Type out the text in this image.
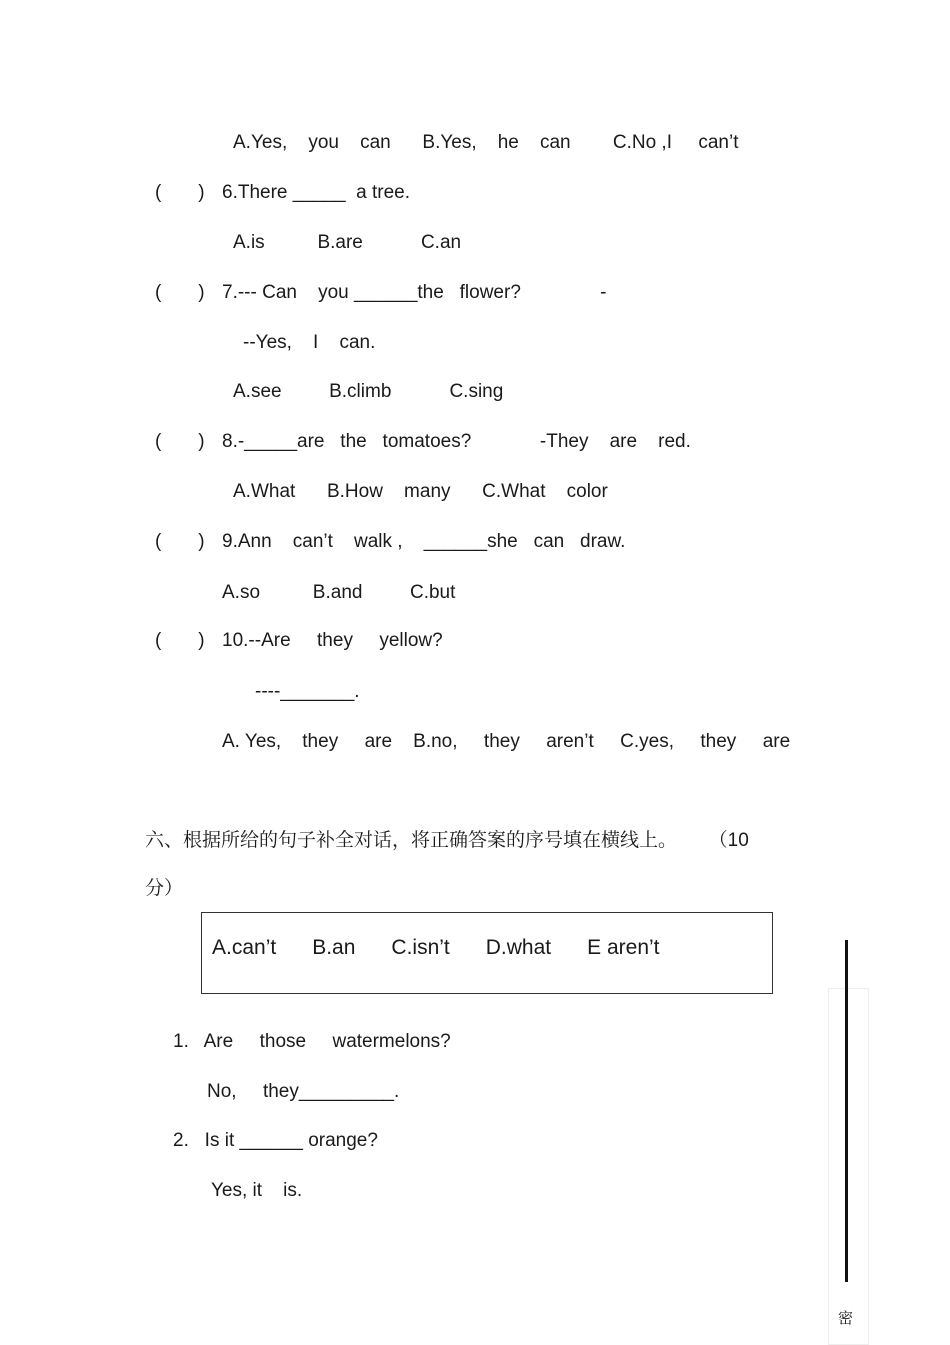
A.Yes,    you    can      B.Yes,    he    can        C.No ,I     can’t
(       ) 6.There _____  a tree.
A.is          B.are           C.an
(       ) 7.--- Can    you ______the   flower?               -
--Yes,    I    can.
A.see         B.climb           C.sing
(       ) 8.-_____are   the   tomatoes?             -They    are    red.
A.What      B.How    many      C.What    color
(       ) 9.Ann    can’t    walk ,    ______she   can   draw.
A.so          B.and         C.but
(       ) 10.--Are     they     yellow?
----_______.
A. Yes,    they     are    B.no,     they     aren’t     C.yes,     they     are
六、根据所给的句子补全对话，将正确答案的序号填在横线上。      （10
分）
A.can’t B.an C.isn’t D.what E aren’t
1.   Are     those     watermelons?
No,     they_________.
2.   Is it ______ orange?
Yes, it    is.
密
